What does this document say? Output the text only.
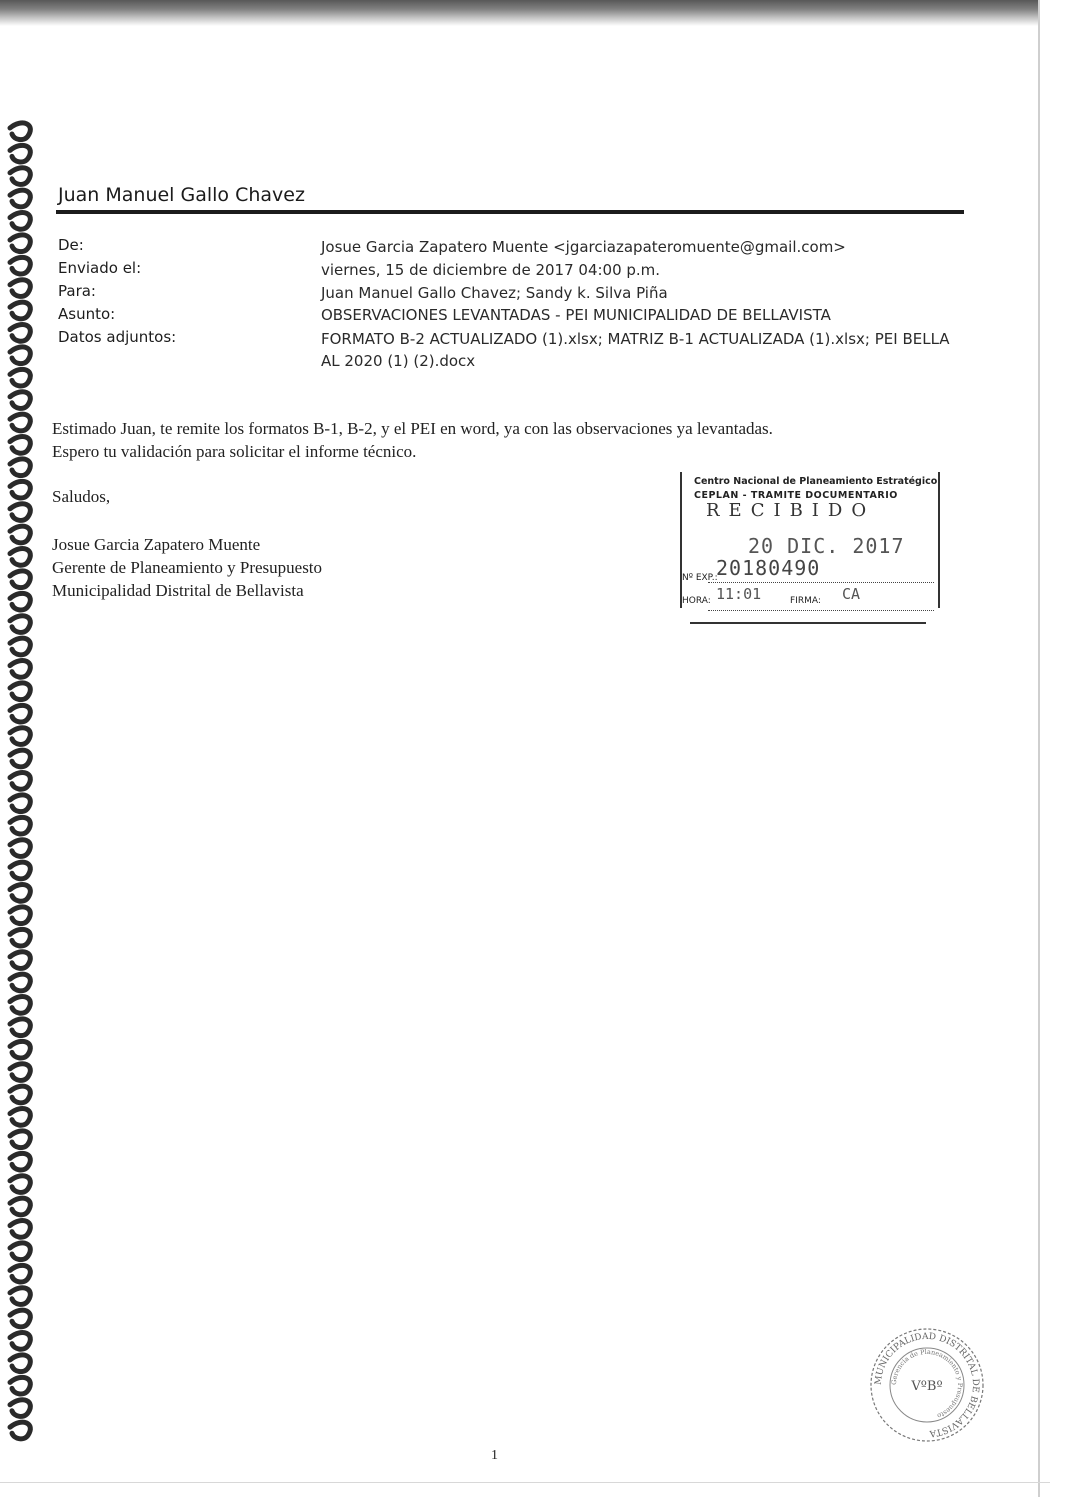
Juan Manuel Gallo Chavez
De:	Josue Garcia Zapatero Muente <jgarciazapateromuente@gmail.com>
Enviado el:	viernes, 15 de diciembre de 2017 04:00 p.m.
Para:	Juan Manuel Gallo Chavez; Sandy k. Silva Piña
Asunto:	OBSERVACIONES LEVANTADAS - PEI MUNICIPALIDAD DE BELLAVISTA
Datos adjuntos:	FORMATO B-2 ACTUALIZADO (1).xlsx; MATRIZ B-1 ACTUALIZADA (1).xlsx; PEI BELLA
AL 2020 (1) (2).docx
Estimado Juan, te remite los formatos B-1, B-2, y el PEI en word, ya con las observaciones ya levantadas.
Espero tu validación para solicitar el informe técnico.
Saludos,
Josue Garcia Zapatero Muente
Gerente de Planeamiento y Presupuesto
Municipalidad Distrital de Bellavista
Centro Nacional de Planeamiento Estratégico
CEPLAN - TRAMITE DOCUMENTARIO
RECIBIDO
20 DIC. 2017
Nº EXP.:
20180490
HORA: 11:01	FIRMA: CA
MUNICIPALIDAD DISTRITAL DE BELLAVISTA
Gerencia de Planeamiento y Presupuesto
VºBº
1
